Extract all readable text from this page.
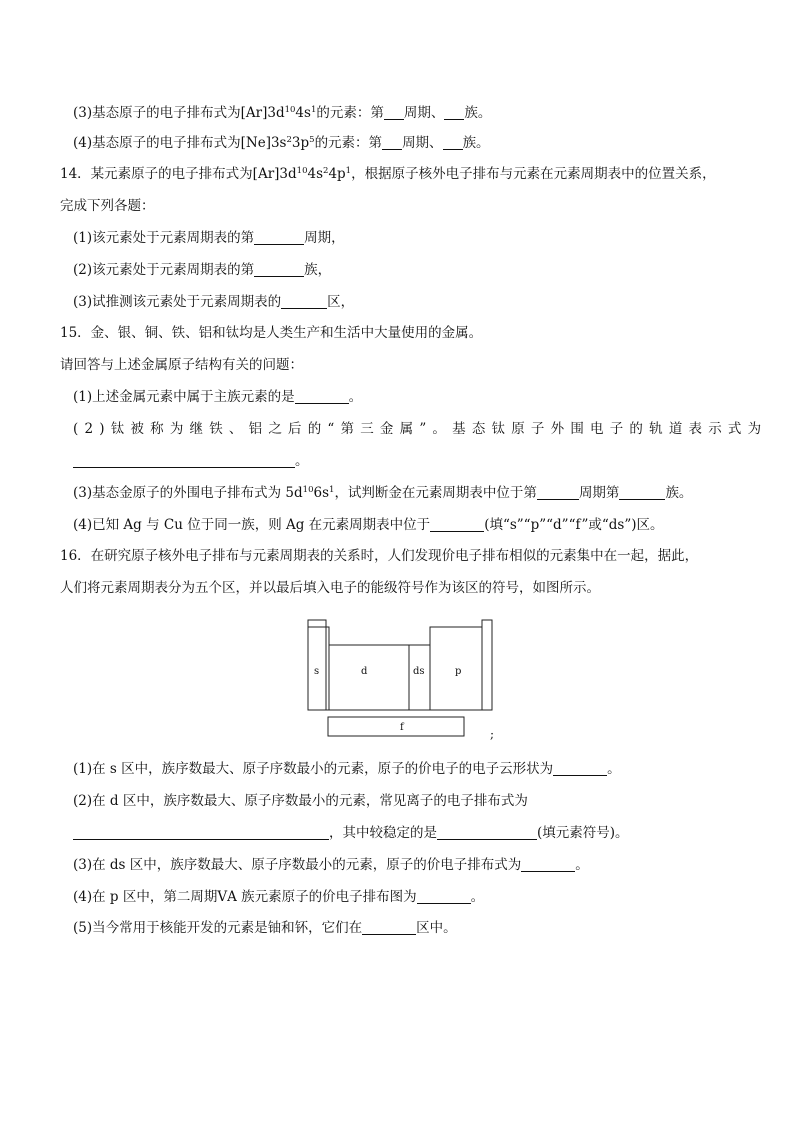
(3)基态原子的电子排布式为$[Ar]3d^{10}4s^1$的元素：第 周期、 族。
(4)基态原子的电子排布式为$[Ne]3s^23p^5$的元素：第 周期、 族。
14．某元素原子的电子排布式为$[Ar]3d^{10}4s^24p^1$，根据原子核外电子排布与元素在元素周期表中的位置关系，
完成下列各题：
(1)该元素处于元素周期表的第	周期，
(2)该元素处于元素周期表的第	族，
(3)试推测该元素处于元素周期表的	区，
15．金、银、铜、铁、铝和钛均是人类生产和生活中大量使用的金属。
请回答与上述金属原子结构有关的问题：
(1)上述金属元素中属于主族元素的是	。
(2)钛被称为继铁、铝之后的“第三金属”。基态钛原子外围电子的轨道表示式为
。
(3)基态金原子的外围电子排布式为 $5d^{10}6s^1$，试判断金在元素周期表中位于第	周期第	族。
(4)已知 Ag 与 Cu 位于同一族，则 Ag 在元素周期表中位于	(填“s”“p”“d”“f”或“ds”)区。
16．在研究原子核外电子排布与元素周期表的关系时，人们发现价电子排布相似的元素集中在一起，据此，
人们将元素周期表分为五个区，并以最后填入电子的能级符号作为该区的符号，如图所示。
s	d	ds	p
f	;
(1)在 s 区中，族序数最大、原子序数最小的元素，原子的价电子的电子云形状为	。
(2)在 d 区中，族序数最大、原子序数最小的元素，常见离子的电子排布式为
，其中较稳定的是	(填元素符号)。
(3)在 ds 区中，族序数最大、原子序数最小的元素，原子的价电子排布式为	。
(4)在 p 区中，第二周期ⅤA 族元素原子的价电子排布图为	。
(5)当今常用于核能开发的元素是铀和钚，它们在	区中。
